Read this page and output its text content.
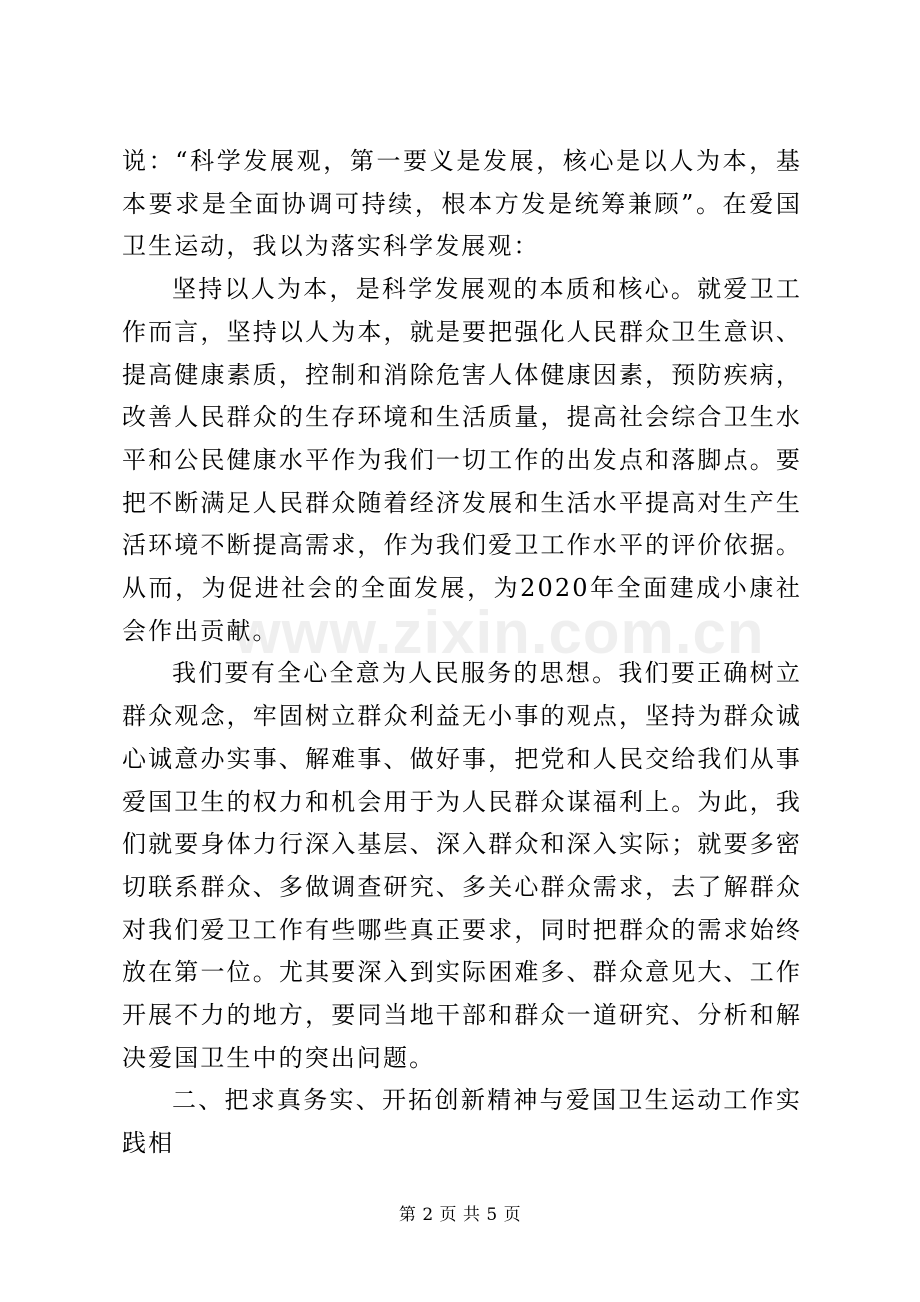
www.zixin.com.cn

说：“科学发展观，第一要义是发展，核心是以人为本，基本要求是全面协调可持续，根本方发是统筹兼顾”。在爱国卫生运动，我以为落实科学发展观：

坚持以人为本，是科学发展观的本质和核心。就爱卫工作而言，坚持以人为本，就是要把强化人民群众卫生意识、提高健康素质，控制和消除危害人体健康因素，预防疾病，改善人民群众的生存环境和生活质量，提高社会综合卫生水平和公民健康水平作为我们一切工作的出发点和落脚点。要把不断满足人民群众随着经济发展和生活水平提高对生产生活环境不断提高需求，作为我们爱卫工作水平的评价依据。从而，为促进社会的全面发展，为2020年全面建成小康社会作出贡献。

我们要有全心全意为人民服务的思想。我们要正确树立群众观念，牢固树立群众利益无小事的观点，坚持为群众诚心诚意办实事、解难事、做好事，把党和人民交给我们从事爱国卫生的权力和机会用于为人民群众谋福利上。为此，我们就要身体力行深入基层、深入群众和深入实际；就要多密切联系群众、多做调查研究、多关心群众需求，去了解群众对我们爱卫工作有些哪些真正要求，同时把群众的需求始终放在第一位。尤其要深入到实际困难多、群众意见大、工作开展不力的地方，要同当地干部和群众一道研究、分析和解决爱国卫生中的突出问题。

二、把求真务实、开拓创新精神与爱国卫生运动工作实践相

第 2 页 共 5 页
